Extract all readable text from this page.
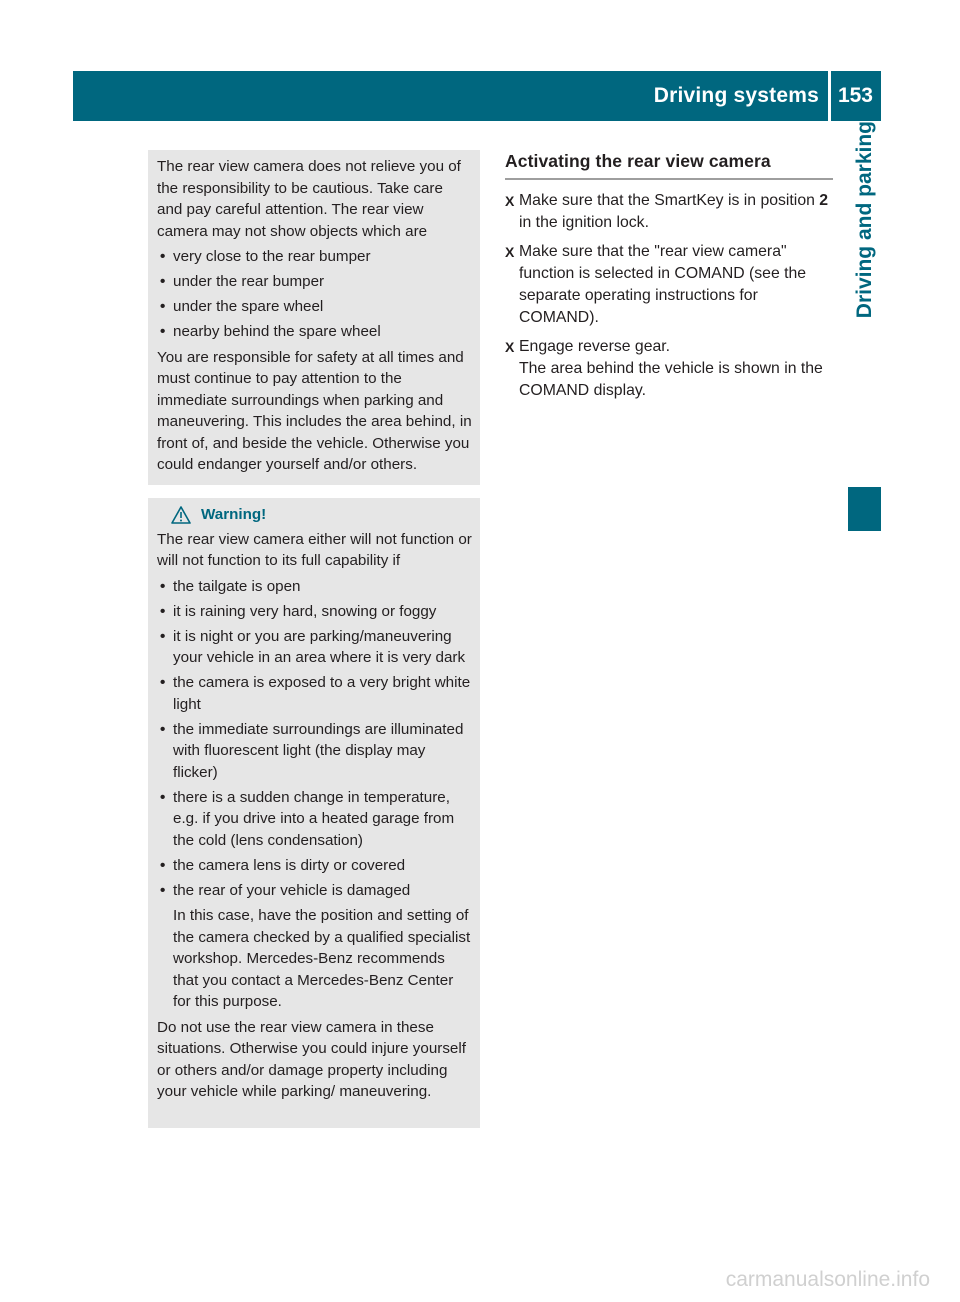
Driving systems 153
Driving and parking

The rear view camera does not relieve you of the responsibility to be cautious. Take care and pay careful attention. The rear view camera may not show objects which are

• very close to the rear bumper
• under the rear bumper
• under the spare wheel
• nearby behind the spare wheel

You are responsible for safety at all times and must continue to pay attention to the immediate surroundings when parking and maneuvering. This includes the area behind, in front of, and beside the vehicle. Otherwise you could endanger yourself and/or others.

Warning!

The rear view camera either will not function or will not function to its full capability if

• the tailgate is open
• it is raining very hard, snowing or foggy
• it is night or you are parking/maneuvering your vehicle in an area where it is very dark
• the camera is exposed to a very bright white light
• the immediate surroundings are illuminated with fluorescent light (the display may flicker)
• there is a sudden change in temperature, e.g. if you drive into a heated garage from the cold (lens condensation)
• the camera lens is dirty or covered
• the rear of your vehicle is damaged

In this case, have the position and setting of the camera checked by a qualified specialist workshop. Mercedes-Benz recommends that you contact a Mercedes-Benz Center for this purpose.

Do not use the rear view camera in these situations. Otherwise you could injure yourself or others and/or damage property including your vehicle while parking/ maneuvering.

Activating the rear view camera
X Make sure that the SmartKey is in position 2 in the ignition lock.
X Make sure that the "rear view camera" function is selected in COMAND (see the separate operating instructions for COMAND).
X Engage reverse gear.
The area behind the vehicle is shown in the COMAND display.
carmanualsonline.info
